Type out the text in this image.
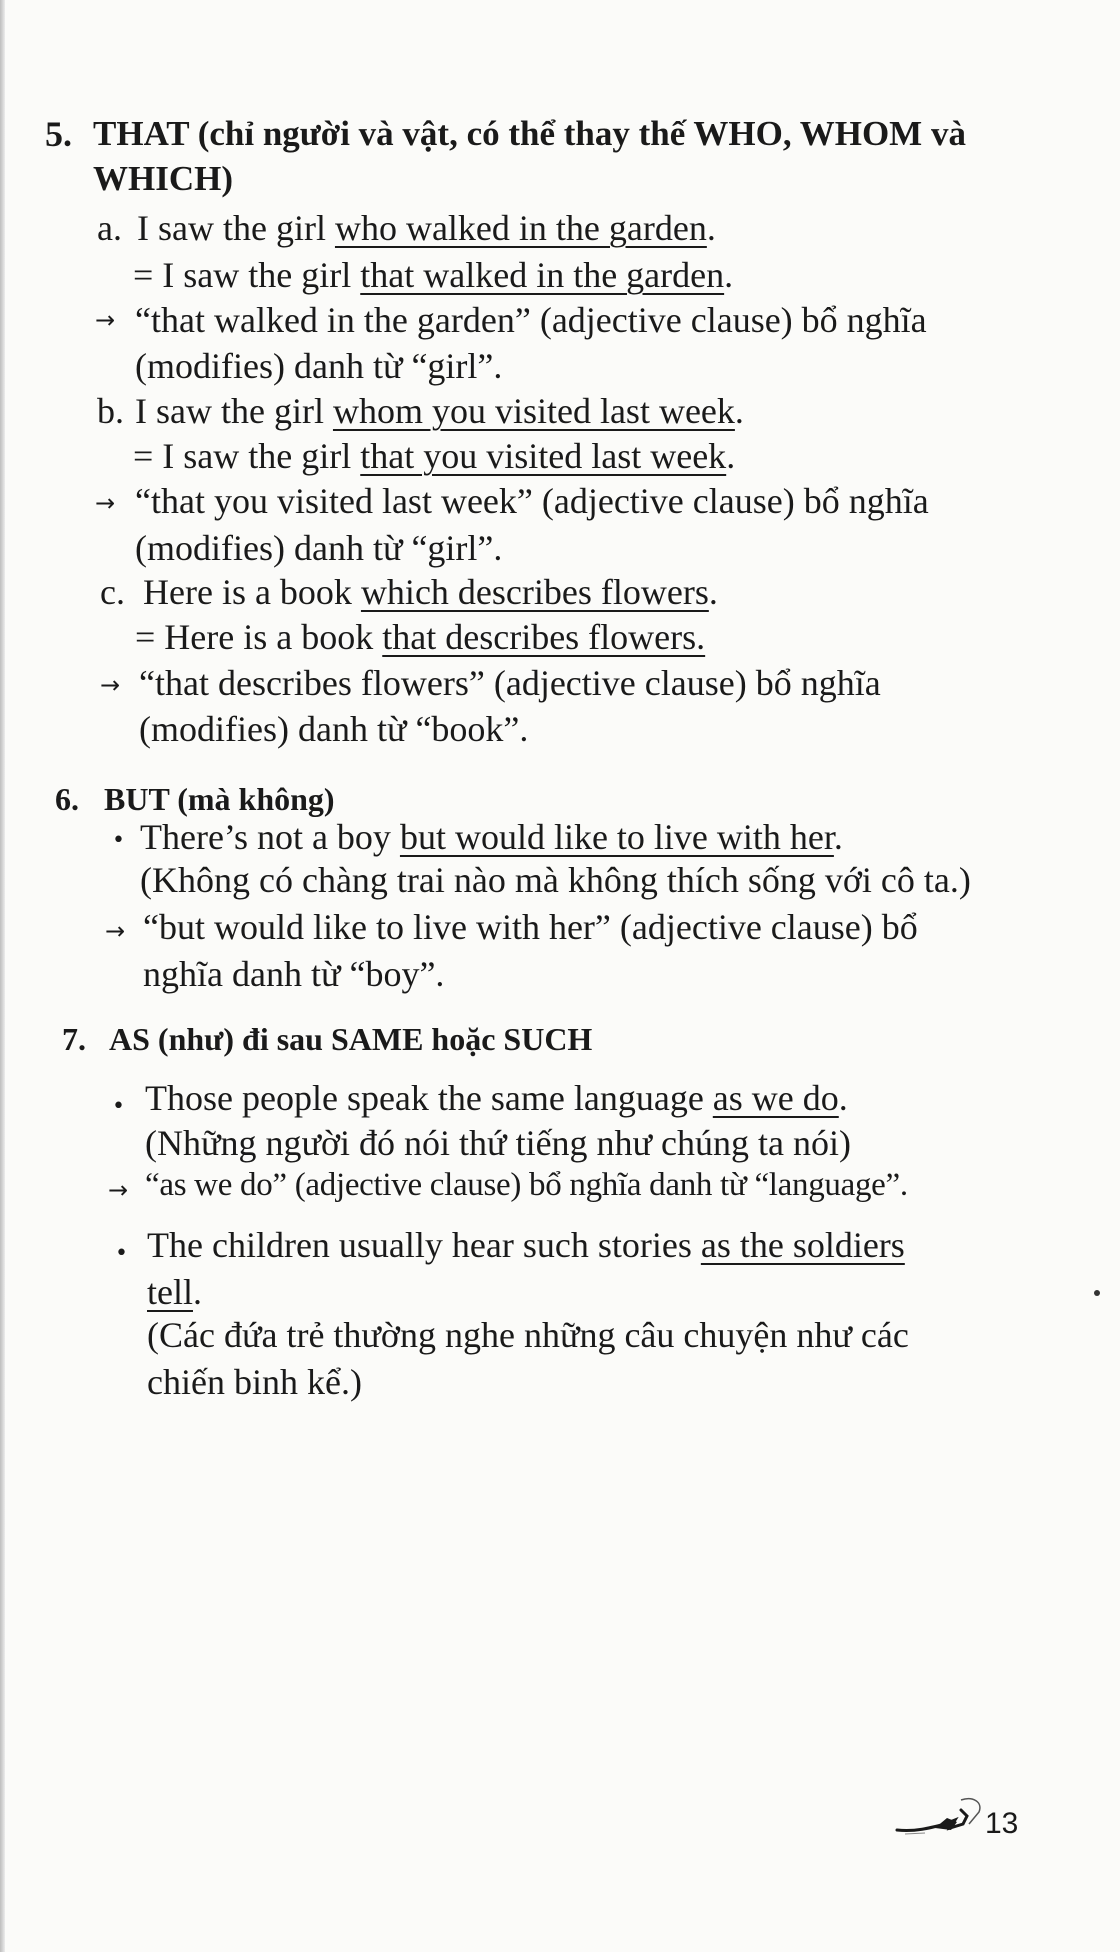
5. THAT (chỉ người và vật, có thể thay thế WHO, WHOM và
WHICH)
a. I saw the girl who walked in the garden.
= I saw the girl that walked in the garden.
→ “that walked in the garden” (adjective clause) bổ nghĩa
(modifies) danh từ “girl”.
b. I saw the girl whom you visited last week.
= I saw the girl that you visited last week.
→ “that you visited last week” (adjective clause) bổ nghĩa
(modifies) danh từ “girl”.
c. Here is a book which describes flowers.
= Here is a book that describes flowers.
→ “that describes flowers” (adjective clause) bổ nghĩa
(modifies) danh từ “book”.
6. BUT (mà không)
• There’s not a boy but would like to live with her.
(Không có chàng trai nào mà không thích sống với cô ta.)
→ “but would like to live with her” (adjective clause) bổ
nghĩa danh từ “boy”.
7. AS (như) đi sau SAME hoặc SUCH
• Those people speak the same language as we do.
(Những người đó nói thứ tiếng như chúng ta nói)
→ “as we do” (adjective clause) bổ nghĩa danh từ “language”.
• The children usually hear such stories as the soldiers
tell.
(Các đứa trẻ thường nghe những câu chuyện như các
chiến binh kể.)
13
